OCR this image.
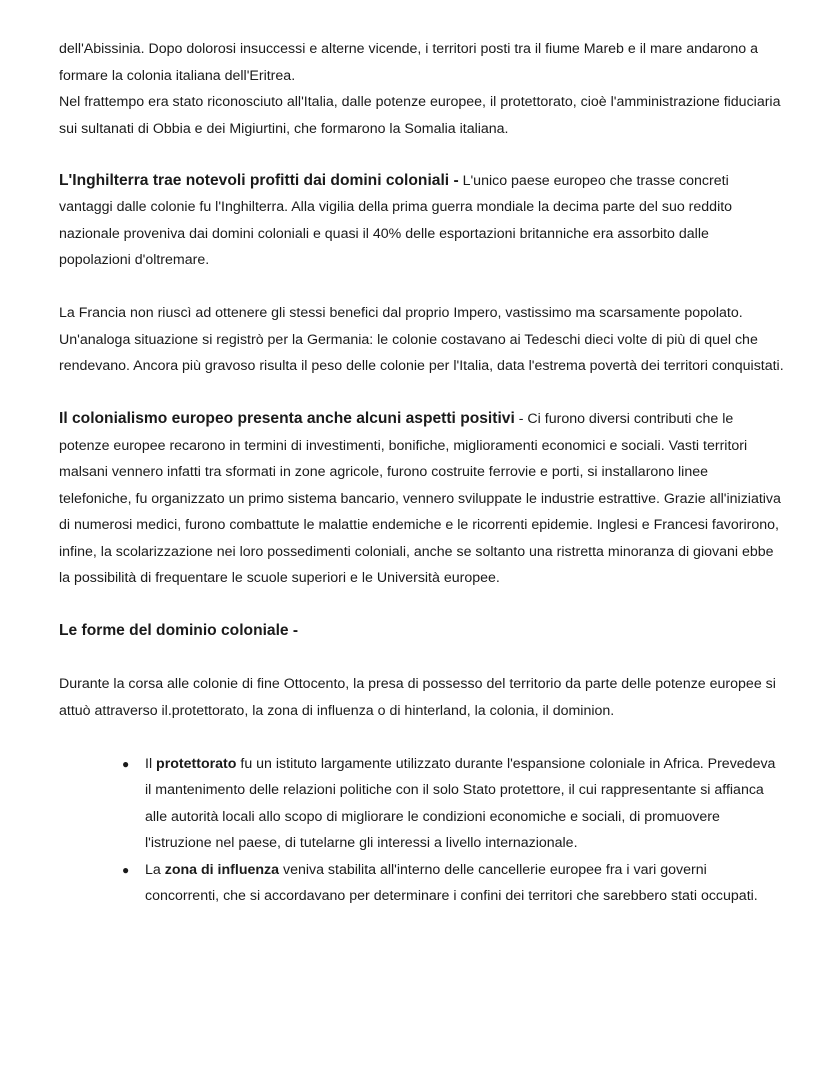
dell'Abissinia. Dopo dolorosi insuccessi e alterne vicende, i territori posti tra il fiume Mareb e il mare andarono a formare la colonia italiana dell'Eritrea.

Nel frattempo era stato riconosciuto all'Italia, dalle potenze europee, il protettorato, cioè l'amministrazione fiduciaria sui sultanati di Obbia e dei Migiurtini, che formarono la Somalia italiana.

L'Inghilterra trae notevoli profitti dai domini coloniali - L'unico paese europeo che trasse concreti vantaggi dalle colonie fu l'Inghilterra. Alla vigilia della prima guerra mondiale la decima parte del suo reddito nazionale proveniva dai domini coloniali e quasi il 40% delle esportazioni britanniche era assorbito dalle popolazioni d'oltremare.

La Francia non riuscì ad ottenere gli stessi benefici dal proprio Impero, vastissimo ma scarsamente popolato. Un'analoga situazione si registrò per la Germania: le colonie costavano ai Tedeschi dieci volte di più di quel che rendevano. Ancora più gravoso risulta il peso delle colonie per l'Italia, data l'estrema povertà dei territori conquistati.

Il colonialismo europeo presenta anche alcuni aspetti positivi - Ci furono diversi contributi che le potenze europee recarono in termini di investimenti, bonifiche, miglioramenti economici e sociali. Vasti territori malsani vennero infatti tra sformati in zone agricole, furono costruite ferrovie e porti, si installarono linee telefoniche, fu organizzato un primo sistema bancario, vennero sviluppate le industrie estrattive. Grazie all'iniziativa di numerosi medici, furono combattute le malattie endemiche e le ricorrenti epidemie. Inglesi e Francesi favorirono, infine, la scolarizzazione nei loro possedimenti coloniali, anche se soltanto una ristretta minoranza di giovani ebbe la possibilità di frequentare le scuole superiori e le Università europee.

Le forme del dominio coloniale -

Durante la corsa alle colonie di fine Ottocento, la presa di possesso del territorio da parte delle potenze europee si attuò attraverso il.protettorato, la zona di influenza o di hinterland, la colonia, il dominion.

● Il protettorato fu un istituto largamente utilizzato durante l'espansione coloniale in Africa. Prevedeva il mantenimento delle relazioni politiche con il solo Stato protettore, il cui rappresentante si affianca alle autorità locali allo scopo di migliorare le condizioni economiche e sociali, di promuovere l'istruzione nel paese, di tutelarne gli interessi a livello internazionale.
● La zona di influenza veniva stabilita all'interno delle cancellerie europee fra i vari governi concorrenti, che si accordavano per determinare i confini dei territori che sarebbero stati occupati.
